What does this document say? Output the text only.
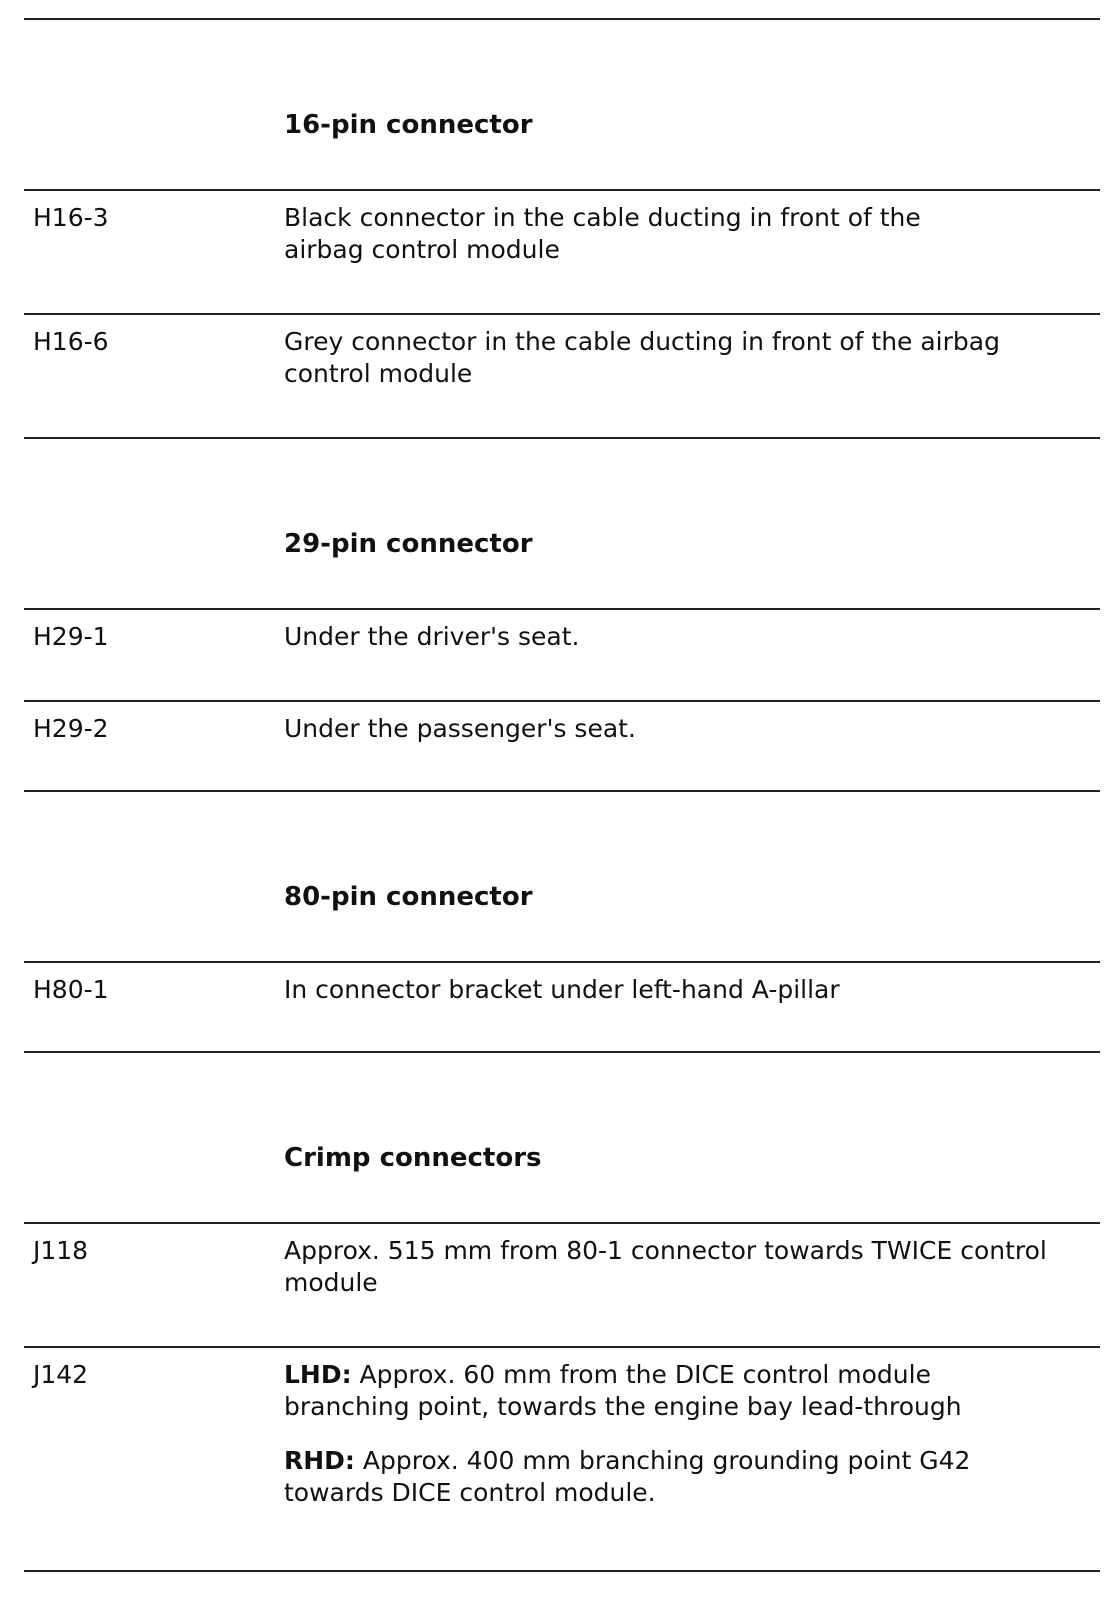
16-pin connector
H16-3	Black connector in the cable ducting in front of the airbag control module
H16-6	Grey connector in the cable ducting in front of the airbag control module
29-pin connector
H29-1	Under the driver's seat.
H29-2	Under the passenger's seat.
80-pin connector
H80-1	In connector bracket under left-hand A-pillar
Crimp connectors
J118	Approx. 515 mm from 80-1 connector towards TWICE control module
J142	LHD: Approx. 60 mm from the DICE control module branching point, towards the engine bay lead-through
RHD: Approx. 400 mm branching grounding point G42 towards DICE control module.
